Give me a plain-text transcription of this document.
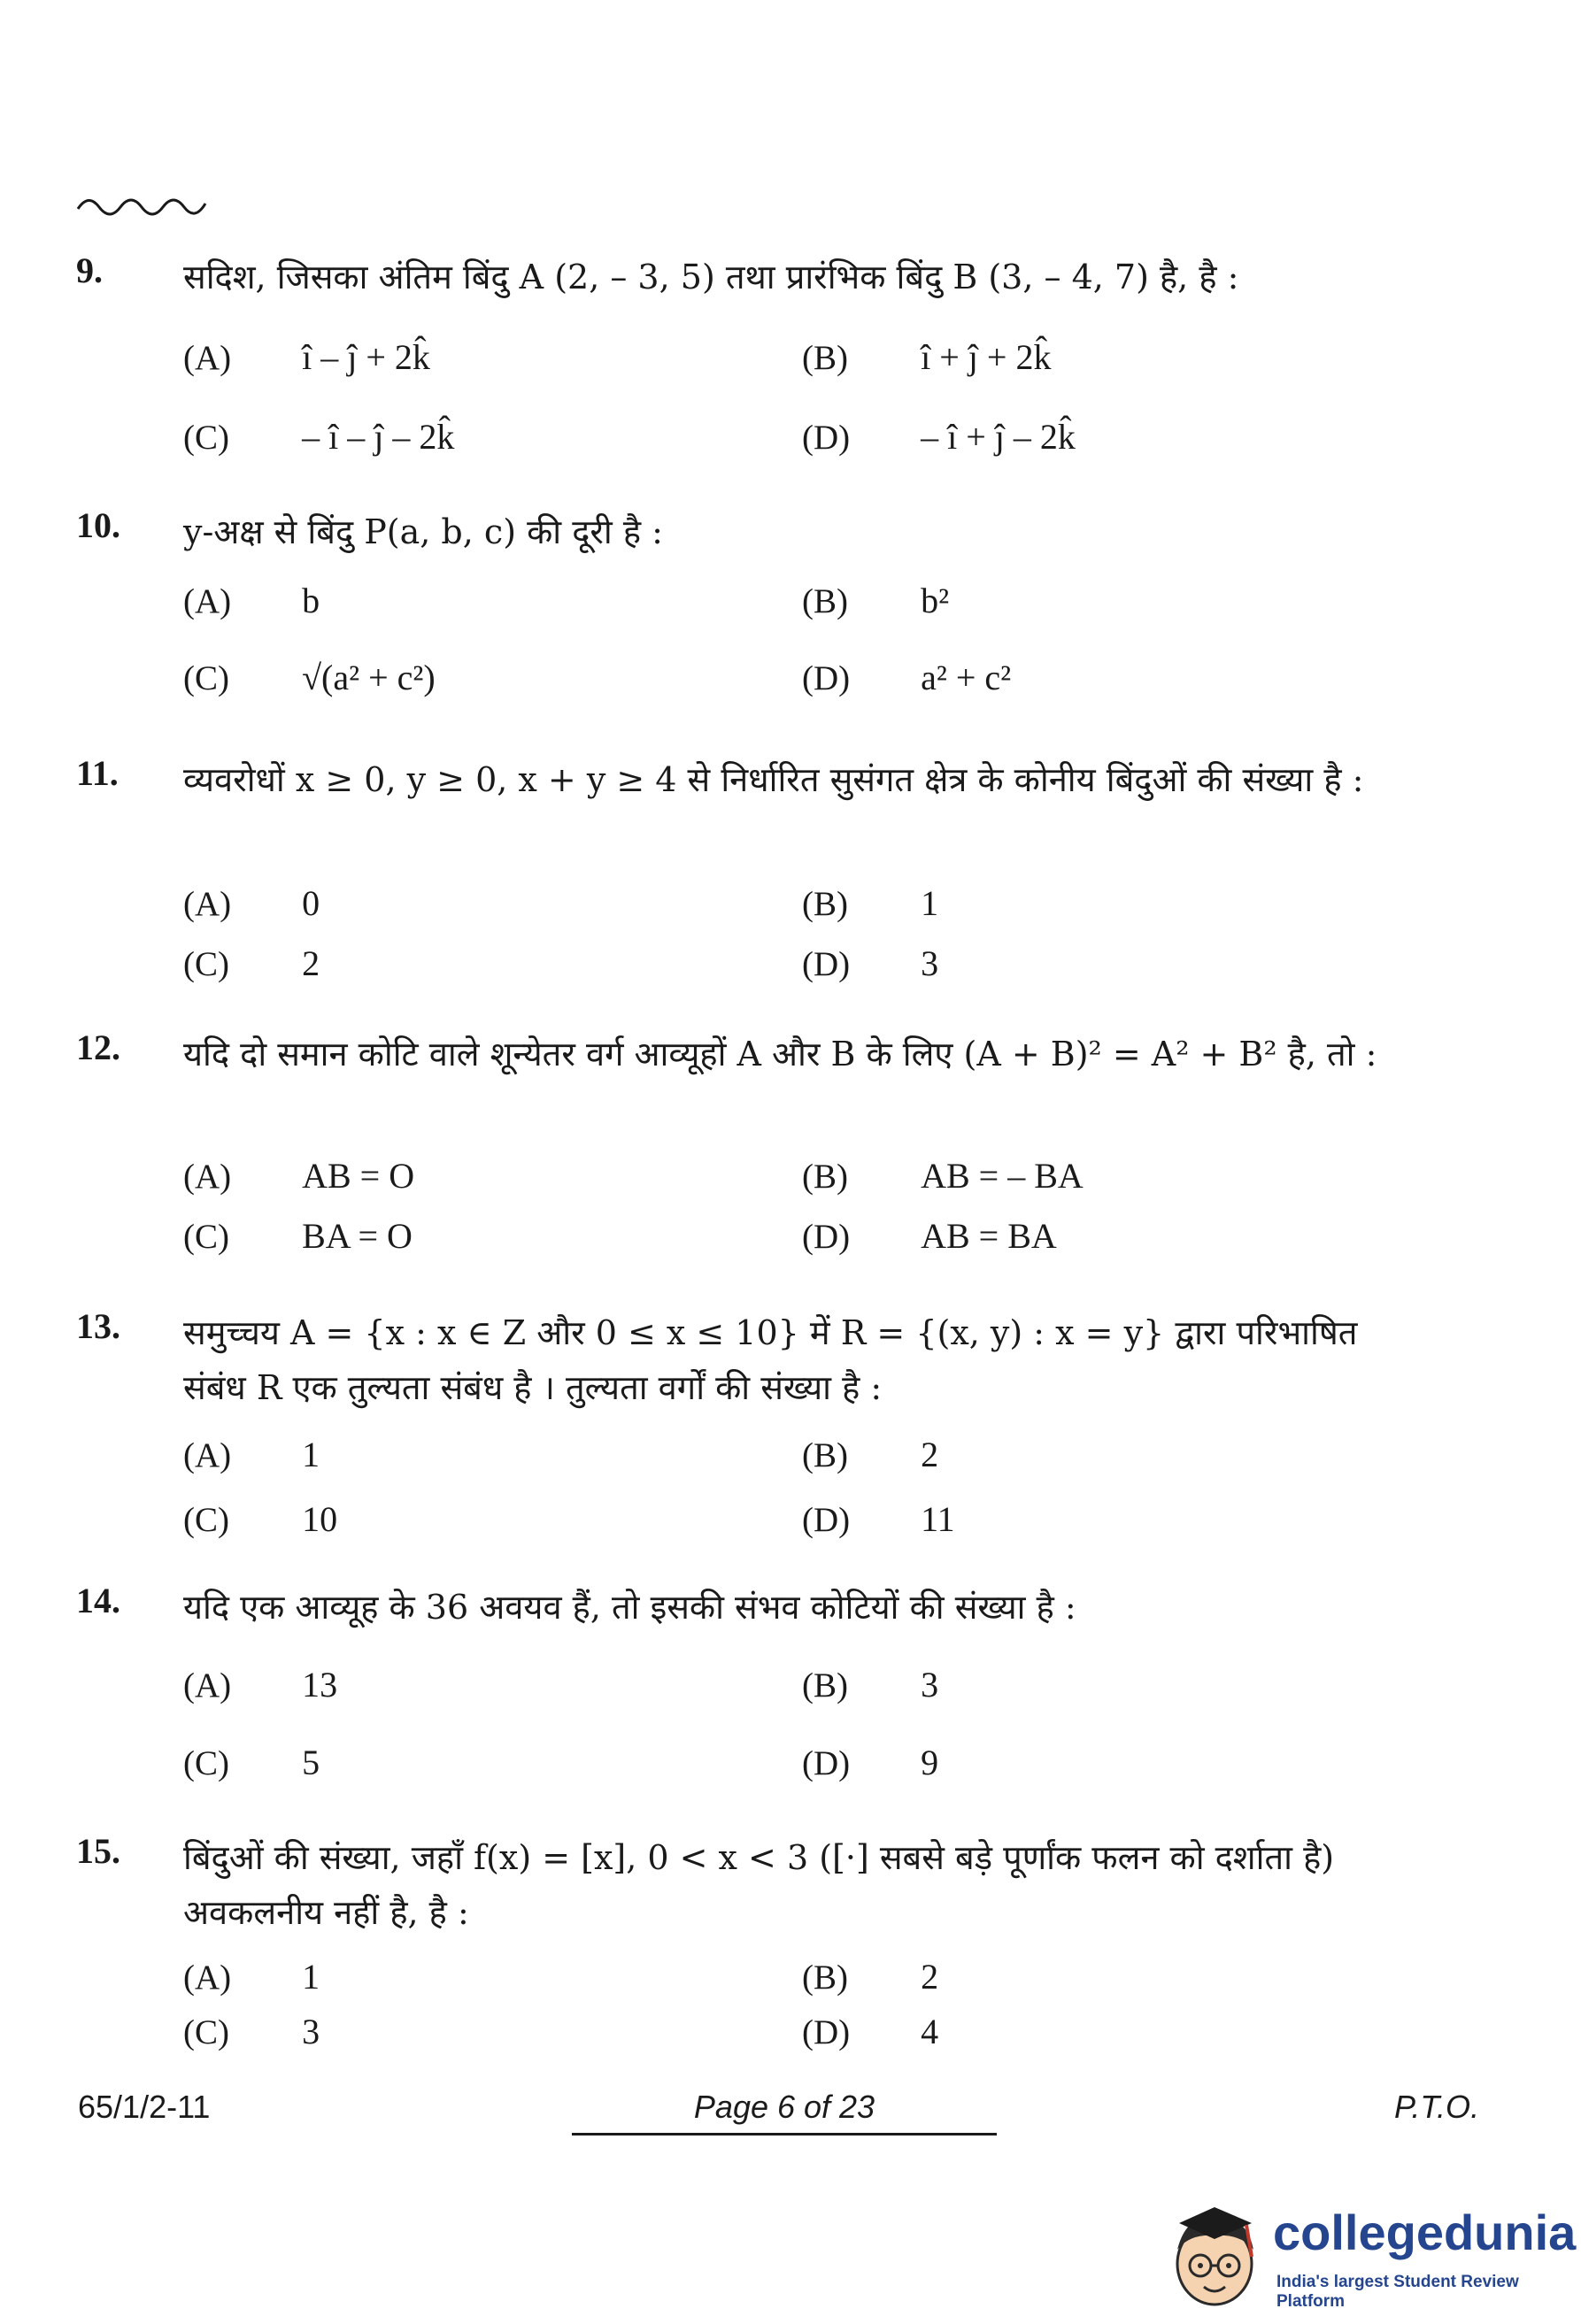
9. सदिश, जिसका अंतिम बिंदु A (2, – 3, 5) तथा प्रारंभिक बिंदु B (3, – 4, 7) है, है :
(A) î – ĵ + 2k̂	(B) î + ĵ + 2k̂
(C) – î – ĵ – 2k̂	(D) – î + ĵ – 2k̂
10. y-अक्ष से बिंदु P(a, b, c) की दूरी है :
(A) b	(B) b²
(C) √(a² + c²)	(D) a² + c²
11. व्यवरोधों x ≥ 0, y ≥ 0, x + y ≥ 4 से निर्धारित सुसंगत क्षेत्र के कोनीय बिंदुओं की संख्या है :
(A) 0	(B) 1
(C) 2	(D) 3
12. यदि दो समान कोटि वाले शून्येतर वर्ग आव्यूहों A और B के लिए (A + B)² = A² + B² है, तो :
(A) AB = O	(B) AB = – BA
(C) BA = O	(D) AB = BA
13. समुच्चय A = {x : x ∈ Z और 0 ≤ x ≤ 10} में R = {(x, y) : x = y} द्वारा परिभाषित संबंध R एक तुल्यता संबंध है । तुल्यता वर्गों की संख्या है :
(A) 1	(B) 2
(C) 10	(D) 11
14. यदि एक आव्यूह के 36 अवयव हैं, तो इसकी संभव कोटियों की संख्या है :
(A) 13	(B) 3
(C) 5	(D) 9
15. बिंदुओं की संख्या, जहाँ f(x) = [x], 0 < x < 3 ([·] सबसे बड़े पूर्णांक फलन को दर्शाता है) अवकलनीय नहीं है, है :
(A) 1	(B) 2
(C) 3	(D) 4
65/1/2-11	Page 6 of 23	P.T.O.
collegedunia
India's largest Student Review Platform
